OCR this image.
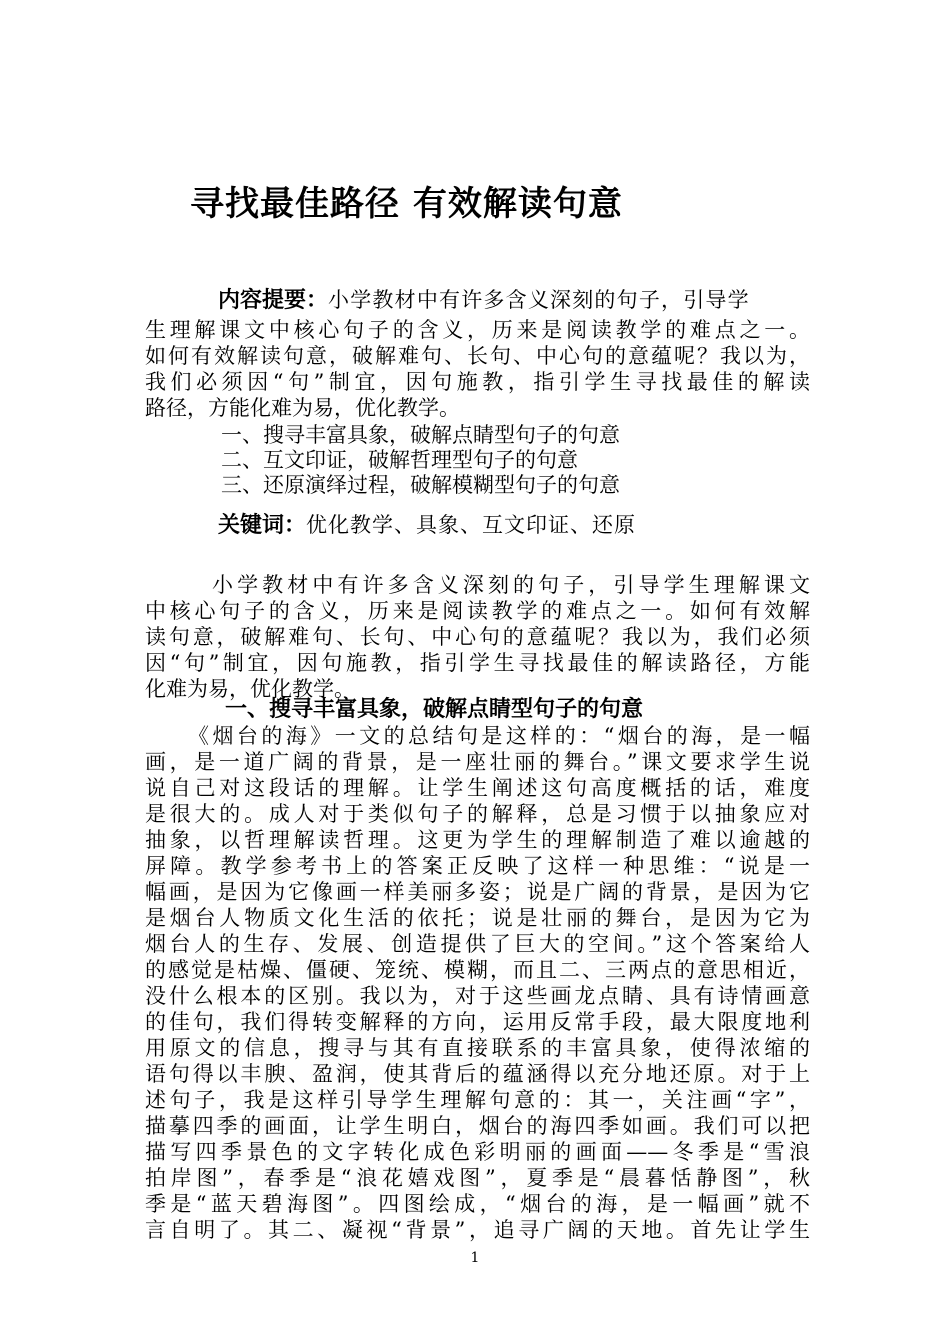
寻找最佳路径 有效解读句意
内容提要：小学教材中有许多含义深刻的句子，引导学
生理解课文中核心句子的含义，历来是阅读教学的难点之一。
如何有效解读句意，破解难句、长句、中心句的意蕴呢？我以为，
我们必须因“句”制宜，因句施教，指引学生寻找最佳的解读
路径，方能化难为易，优化教学。
一、搜寻丰富具象，破解点睛型句子的句意
二、互文印证，破解哲理型句子的句意
三、还原演绎过程，破解模糊型句子的句意
关键词：优化教学、具象、互文印证、还原
小学教材中有许多含义深刻的句子，引导学生理解课文
中核心句子的含义，历来是阅读教学的难点之一。如何有效解
读句意，破解难句、长句、中心句的意蕴呢？我以为，我们必须
因“句”制宜，因句施教，指引学生寻找最佳的解读路径，方能
化难为易，优化教学。
一、搜寻丰富具象，破解点睛型句子的句意
《烟台的海》一文的总结句是这样的：“烟台的海，是一幅
画，是一道广阔的背景，是一座壮丽的舞台。”课文要求学生说
说自己对这段话的理解。让学生阐述这句高度概括的话，难度
是很大的。成人对于类似句子的解释，总是习惯于以抽象应对
抽象，以哲理解读哲理。这更为学生的理解制造了难以逾越的
屏障。教学参考书上的答案正反映了这样一种思维：“说是一
幅画，是因为它像画一样美丽多姿；说是广阔的背景，是因为它
是烟台人物质文化生活的依托；说是壮丽的舞台，是因为它为
烟台人的生存、发展、创造提供了巨大的空间。”这个答案给人
的感觉是枯燥、僵硬、笼统、模糊，而且二、三两点的意思相近，
没什么根本的区别。我以为，对于这些画龙点睛、具有诗情画意
的佳句，我们得转变解释的方向，运用反常手段，最大限度地利
用原文的信息，搜寻与其有直接联系的丰富具象，使得浓缩的
语句得以丰腴、盈润，使其背后的蕴涵得以充分地还原。对于上
述句子，我是这样引导学生理解句意的：其一，关注画“字”，
描摹四季的画面，让学生明白，烟台的海四季如画。我们可以把
描写四季景色的文字转化成色彩明丽的画面——冬季是“雪浪
拍岸图”，春季是“浪花嬉戏图”，夏季是“晨暮恬静图”，秋
季是“蓝天碧海图”。四图绘成，“烟台的海，是一幅画”就不
言自明了。其二、凝视“背景”，追寻广阔的天地。首先让学生
1
